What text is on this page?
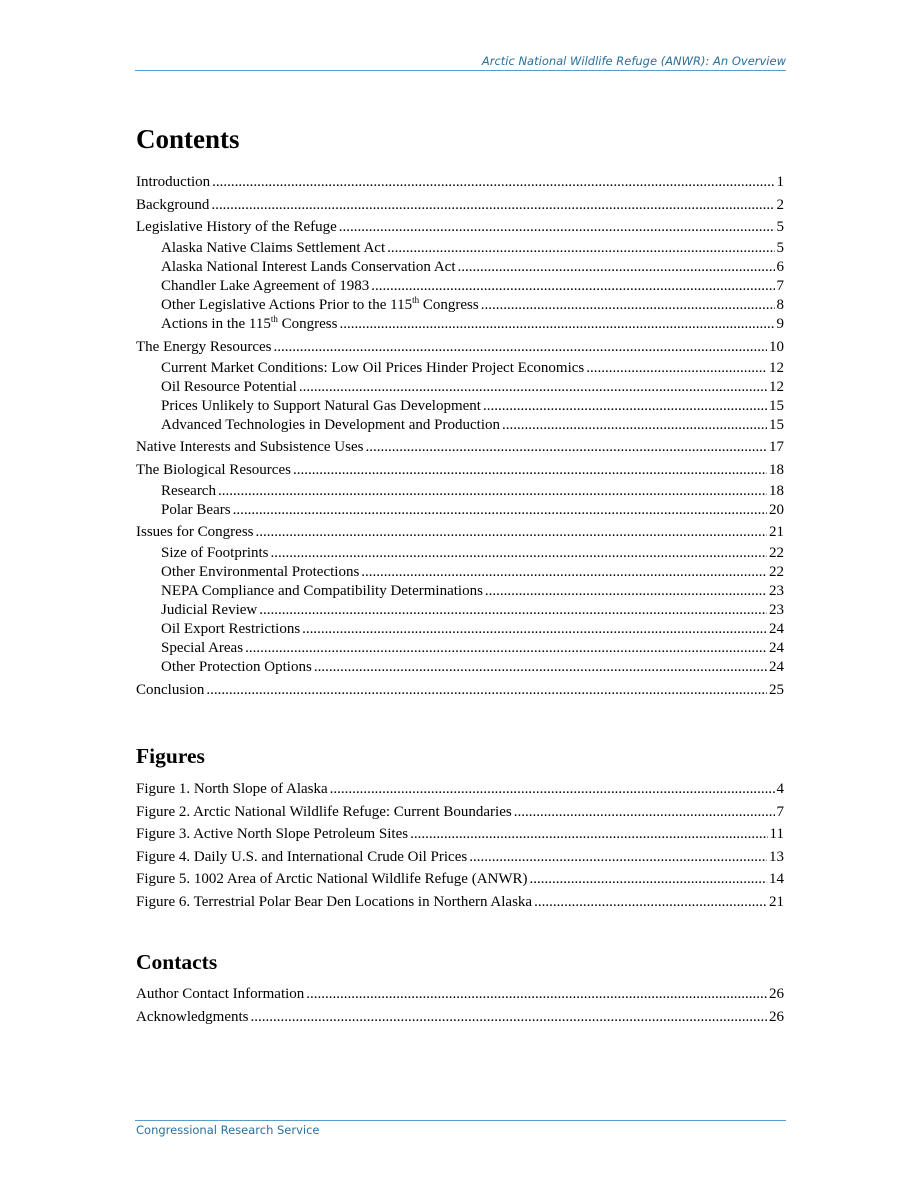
Arctic National Wildlife Refuge (ANWR): An Overview
Contents
Introduction .....	1
Background .....	2
Legislative History of the Refuge .....	5
Alaska Native Claims Settlement Act .....	5
Alaska National Interest Lands Conservation Act .....	6
Chandler Lake Agreement of 1983 .....	7
Other Legislative Actions Prior to the 115th Congress .....	8
Actions in the 115th Congress .....	9
The Energy Resources .....	10
Current Market Conditions: Low Oil Prices Hinder Project Economics .....	12
Oil Resource Potential .....	12
Prices Unlikely to Support Natural Gas Development .....	15
Advanced Technologies in Development and Production .....	15
Native Interests and Subsistence Uses .....	17
The Biological Resources .....	18
Research .....	18
Polar Bears .....	20
Issues for Congress .....	21
Size of Footprints .....	22
Other Environmental Protections .....	22
NEPA Compliance and Compatibility Determinations .....	23
Judicial Review .....	23
Oil Export Restrictions .....	24
Special Areas .....	24
Other Protection Options .....	24
Conclusion .....	25
Figures
Figure 1. North Slope of Alaska .....	4
Figure 2. Arctic National Wildlife Refuge: Current Boundaries .....	7
Figure 3. Active North Slope Petroleum Sites .....	11
Figure 4. Daily U.S. and International Crude Oil Prices .....	13
Figure 5. 1002 Area of Arctic National Wildlife Refuge (ANWR) .....	14
Figure 6. Terrestrial Polar Bear Den Locations in Northern Alaska .....	21
Contacts
Author Contact Information .....	26
Acknowledgments .....	26
Congressional Research Service
